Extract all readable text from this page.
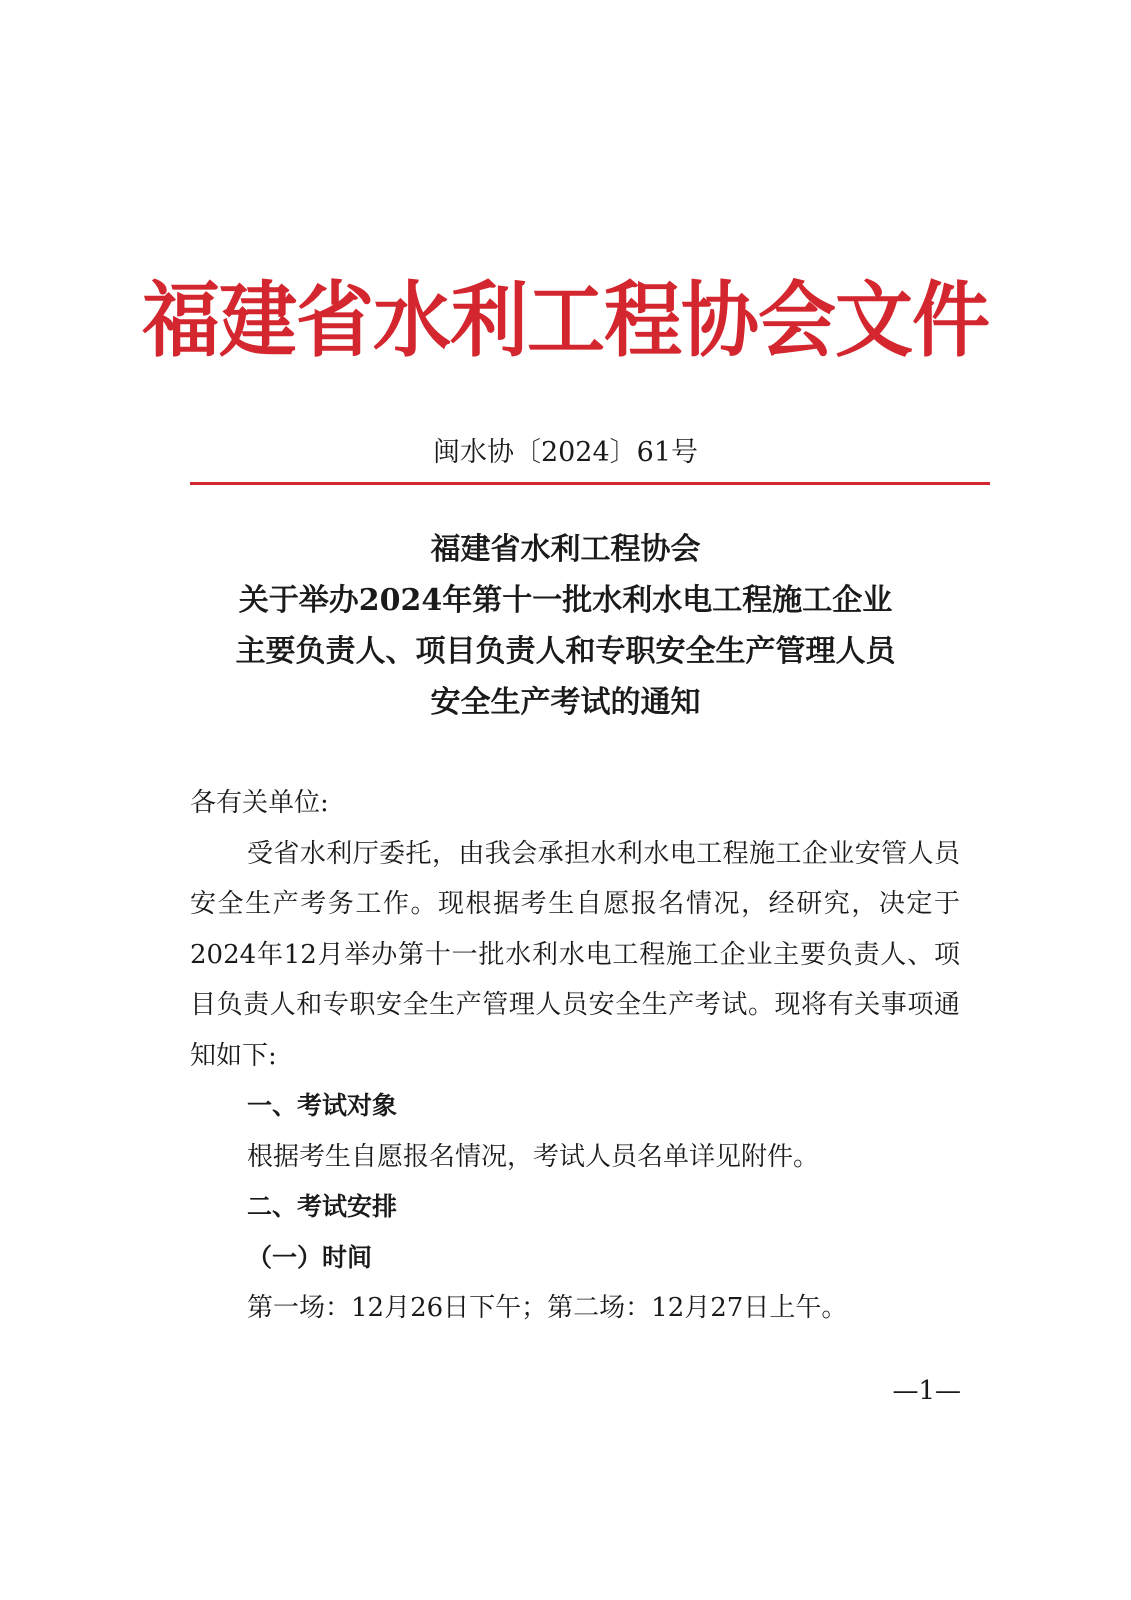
福建省水利工程协会文件
闽水协〔2024〕61号
福建省水利工程协会
关于举办2024年第十一批水利水电工程施工企业
主要负责人、项目负责人和专职安全生产管理人员
安全生产考试的通知

各有关单位:

受省水利厅委托，由我会承担水利水电工程施工企业安管人员安全生产考务工作。现根据考生自愿报名情况，经研究，决定于2024年12月举办第十一批水利水电工程施工企业主要负责人、项目负责人和专职安全生产管理人员安全生产考试。现将有关事项通知如下:

一、考试对象

根据考生自愿报名情况，考试人员名单详见附件。

二、考试安排

（一）时间

第一场：12月26日下午；第二场：12月27日上午。

—1—
